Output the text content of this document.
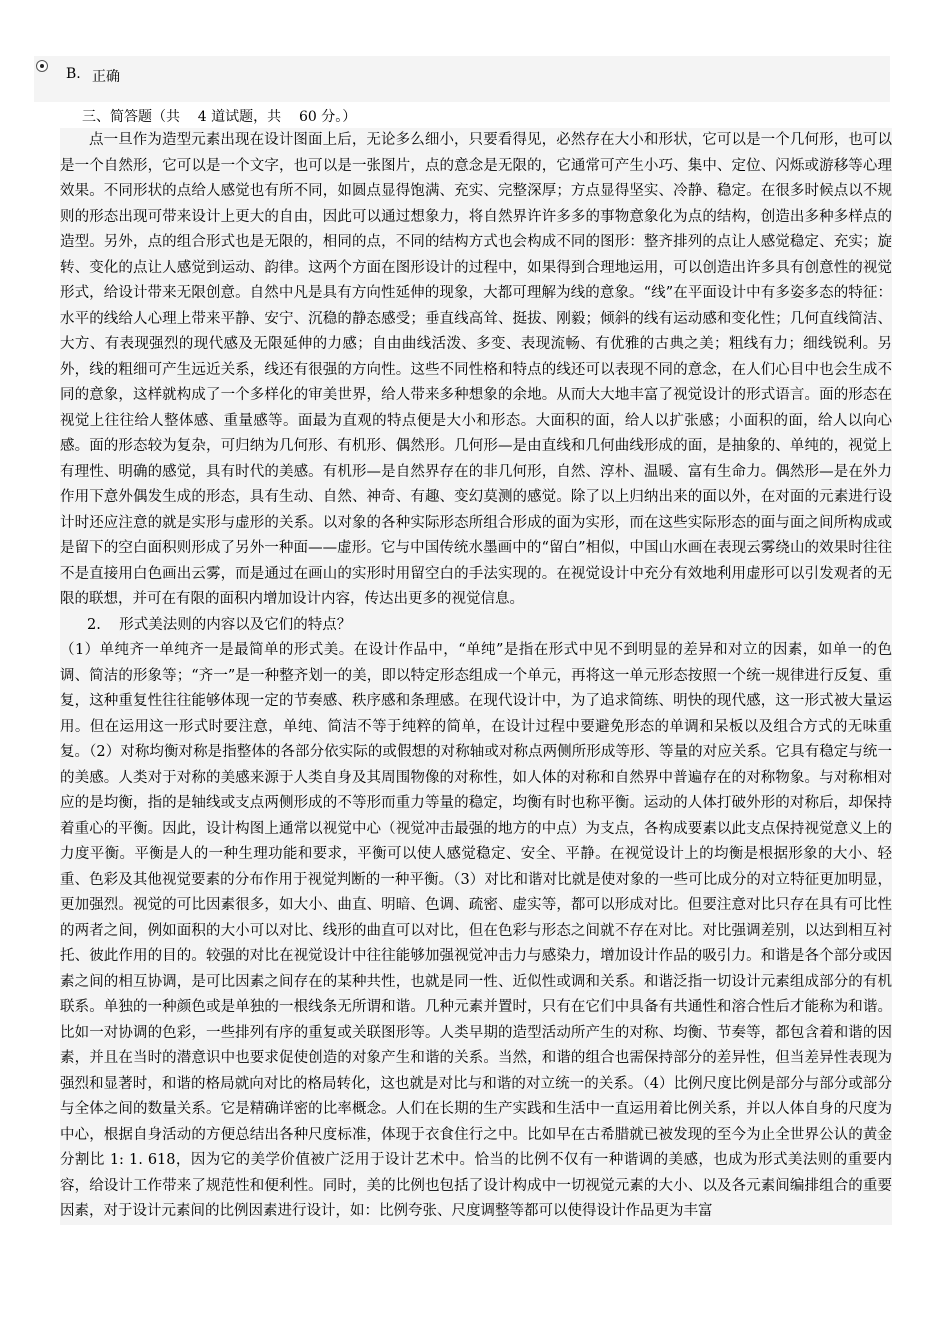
B. 正确
三、简答题（共    4 道试题，共    60 分。）

点一旦作为造型元素出现在设计图面上后，无论多么细小，只要看得见，必然存在大小和形状，它可以是一个几何形，也可以是一个自然形，它可以是一个文字，也可以是一张图片，点的意念是无限的，它通常可产生小巧、集中、定位、闪烁或游移等心理效果。不同形状的点给人感觉也有所不同，如圆点显得饱满、充实、完整深厚；方点显得坚实、冷静、稳定。在很多时候点以不规则的形态出现可带来设计上更大的自由，因此可以通过想象力，将自然界许许多多的事物意象化为点的结构，创造出多种多样点的造型。另外，点的组合形式也是无限的，相同的点，不同的结构方式也会构成不同的图形：整齐排列的点让人感觉稳定、充实；旋转、变化的点让人感觉到运动、韵律。这两个方面在图形设计的过程中，如果得到合理地运用，可以创造出许多具有创意性的视觉形式，给设计带来无限创意。自然中凡是具有方向性延伸的现象，大都可理解为线的意象。“线”在平面设计中有多姿多态的特征：水平的线给人心理上带来平静、安宁、沉稳的静态感受；垂直线高耸、挺拔、刚毅；倾斜的线有运动感和变化性；几何直线简洁、大方、有表现强烈的现代感及无限延伸的力感；自由曲线活泼、多变、表现流畅、有优雅的古典之美；粗线有力；细线锐利。另外，线的粗细可产生远近关系，线还有很强的方向性。这些不同性格和特点的线还可以表现不同的意念，在人们心目中也会生成不同的意象，这样就构成了一个多样化的审美世界，给人带来多种想象的余地。从而大大地丰富了视觉设计的形式语言。面的形态在视觉上往往给人整体感、重量感等。面最为直观的特点便是大小和形态。大面积的面，给人以扩张感；小面积的面，给人以向心感。面的形态较为复杂，可归纳为几何形、有机形、偶然形。几何形—是由直线和几何曲线形成的面，是抽象的、单纯的，视觉上有理性、明确的感觉，具有时代的美感。有机形—是自然界存在的非几何形，自然、淳朴、温暖、富有生命力。偶然形—是在外力作用下意外偶发生成的形态，具有生动、自然、神奇、有趣、变幻莫测的感觉。除了以上归纳出来的面以外，在对面的元素进行设计时还应注意的就是实形与虚形的关系。以对象的各种实际形态所组合形成的面为实形，而在这些实际形态的面与面之间所构成或是留下的空白面积则形成了另外一种面——虚形。它与中国传统水墨画中的“留白”相似，中国山水画在表现云雾绕山的效果时往往不是直接用白色画出云雾，而是通过在画山的实形时用留空白的手法实现的。在视觉设计中充分有效地利用虚形可以引发观者的无限的联想，并可在有限的面积内增加设计内容，传达出更多的视觉信息。

2.    形式美法则的内容以及它们的特点？

（1）单纯齐一单纯齐一是最简单的形式美。在设计作品中，“单纯”是指在形式中见不到明显的差异和对立的因素，如单一的色调、简洁的形象等；“齐一”是一种整齐划一的美，即以特定形态组成一个单元，再将这一单元形态按照一个统一规律进行反复、重复，这种重复性往往能够体现一定的节奏感、秩序感和条理感。在现代设计中，为了追求简练、明快的现代感，这一形式被大量运用。但在运用这一形式时要注意，单纯、简洁不等于纯粹的简单，在设计过程中要避免形态的单调和呆板以及组合方式的无味重复。（2）对称均衡对称是指整体的各部分依实际的或假想的对称轴或对称点两侧所形成等形、等量的对应关系。它具有稳定与统一的美感。人类对于对称的美感来源于人类自身及其周围物像的对称性，如人体的对称和自然界中普遍存在的对称物象。与对称相对应的是均衡，指的是轴线或支点两侧形成的不等形而重力等量的稳定，均衡有时也称平衡。运动的人体打破外形的对称后，却保持着重心的平衡。因此，设计构图上通常以视觉中心（视觉冲击最强的地方的中点）为支点，各构成要素以此支点保持视觉意义上的力度平衡。平衡是人的一种生理功能和要求，平衡可以使人感觉稳定、安全、平静。在视觉设计上的均衡是根据形象的大小、轻重、色彩及其他视觉要素的分布作用于视觉判断的一种平衡。（3）对比和谐对比就是使对象的一些可比成分的对立特征更加明显，更加强烈。视觉的可比因素很多，如大小、曲直、明暗、色调、疏密、虚实等，都可以形成对比。但要注意对比只存在具有可比性的两者之间，例如面积的大小可以对比、线形的曲直可以对比，但在色彩与形态之间就不存在对比。对比强调差别，以达到相互衬托、彼此作用的目的。较强的对比在视觉设计中往往能够加强视觉冲击力与感染力，增加设计作品的吸引力。和谐是各个部分或因素之间的相互协调，是可比因素之间存在的某种共性，也就是同一性、近似性或调和关系。和谐泛指一切设计元素组成部分的有机联系。单独的一种颜色或是单独的一根线条无所谓和谐。几种元素并置时，只有在它们中具备有共通性和溶合性后才能称为和谐。比如一对协调的色彩，一些排列有序的重复或关联图形等。人类早期的造型活动所产生的对称、均衡、节奏等，都包含着和谐的因素，并且在当时的潜意识中也要求促使创造的对象产生和谐的关系。当然，和谐的组合也需保持部分的差异性，但当差异性表现为强烈和显著时，和谐的格局就向对比的格局转化，这也就是对比与和谐的对立统一的关系。（4）比例尺度比例是部分与部分或部分与全体之间的数量关系。它是精确详密的比率概念。人们在长期的生产实践和生活中一直运用着比例关系，并以人体自身的尺度为中心，根据自身活动的方便总结出各种尺度标准，体现于衣食住行之中。比如早在古希腊就已被发现的至今为止全世界公认的黄金分割比 1: 1. 618，因为它的美学价值被广泛用于设计艺术中。恰当的比例不仅有一种谐调的美感，也成为形式美法则的重要内容，给设计工作带来了规范性和便利性。同时，美的比例也包括了设计构成中一切视觉元素的大小、以及各元素间编排组合的重要因素，对于设计元素间的比例因素进行设计，如：比例夸张、尺度调整等都可以使得设计作品更为丰富
